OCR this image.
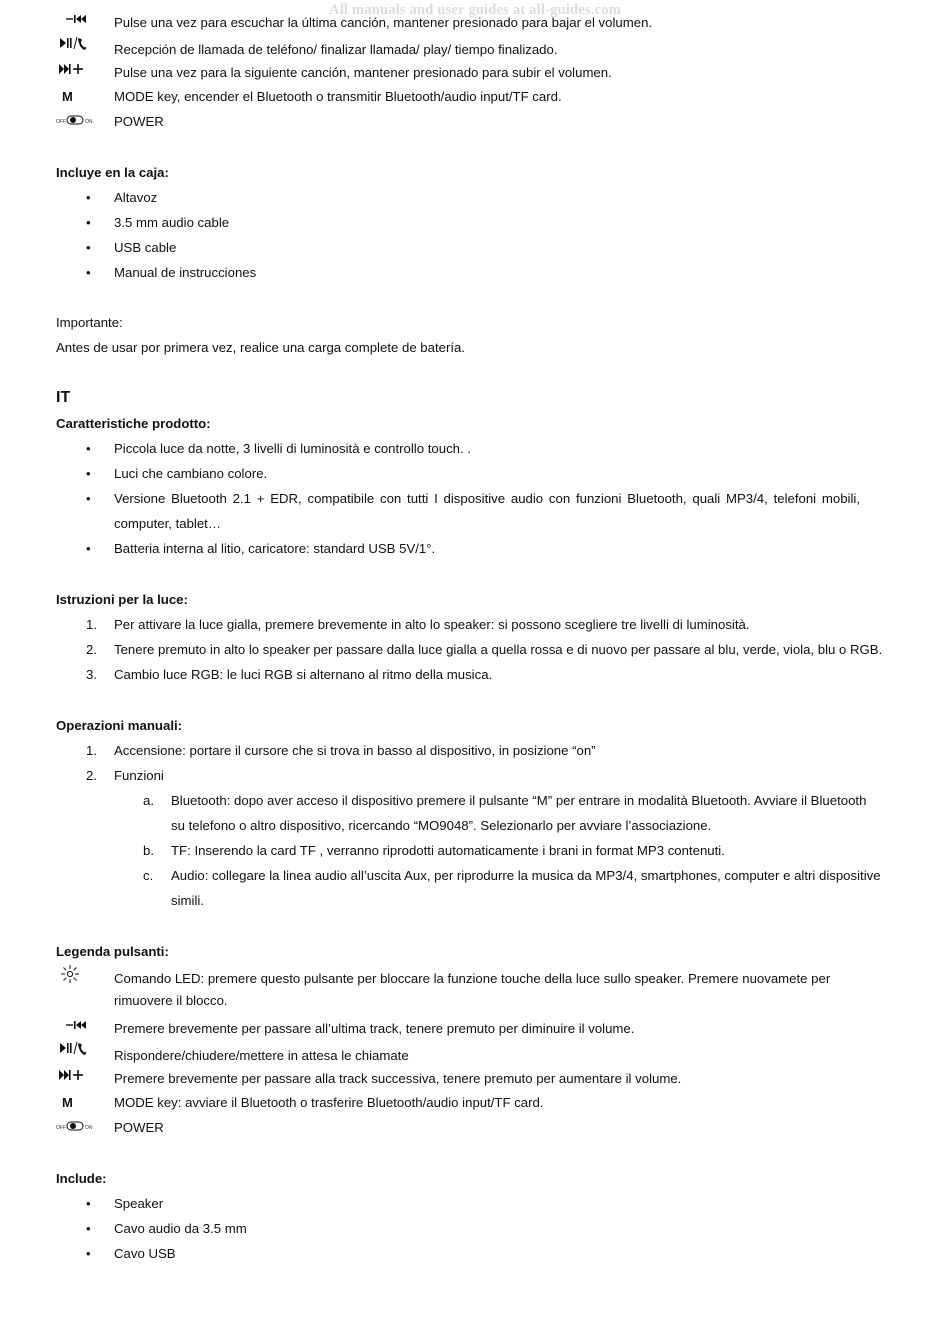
All manuals and user guides at all-guides.com
Pulse una vez para escuchar la última canción, mantener presionado para bajar el volumen.
Recepción de llamada de teléfono/ finalizar llamada/ play/ tiempo finalizado.
Pulse una vez para la siguiente canción, mantener presionado para subir el volumen.
M	MODE key, encender el Bluetooth o transmitir Bluetooth/audio input/TF card.
OFF	ON POWER
Incluye en la caja:
• Altavoz
• 3.5 mm audio cable
• USB cable
• Manual de instrucciones
Importante:
Antes de usar por primera vez, realice una carga complete de batería.
IT
Caratteristiche prodotto:
• Piccola luce da notte, 3 livelli di luminosità e controllo touch. .
• Luci che cambiano colore.
• Versione Bluetooth 2.1 + EDR, compatibile con tutti I dispositive audio con funzioni Bluetooth, quali MP3/4, telefoni mobili,
computer, tablet…
• Batteria interna al litio, caricatore: standard USB 5V/1°.
Istruzioni per la luce:
1. Per attivare la luce gialla, premere brevemente in alto lo speaker: si possono scegliere tre livelli di luminosità.
2. Tenere premuto in alto lo speaker per passare dalla luce gialla a quella rossa e di nuovo per passare al blu, verde, viola, blu o RGB.
3. Cambio luce RGB: le luci RGB si alternano al ritmo della musica.
Operazioni manuali:
1. Accensione: portare il cursore che si trova in basso al dispositivo, in posizione “on”
2. Funzioni
a. Bluetooth: dopo aver acceso il dispositivo premere il pulsante “M” per entrare in modalità Bluetooth. Avviare il Bluetooth
su telefono o altro dispositivo, ricercando “MO9048”. Selezionarlo per avviare l’associazione.
b. TF: Inserendo la card TF , verranno riprodotti automaticamente i brani in format MP3 contenuti.
c. Audio: collegare la linea audio all’uscita Aux, per riprodurre la musica da MP3/4, smartphones, computer e altri dispositive
simili.
Legenda pulsanti:
Comando LED: premere questo pulsante per bloccare la funzione touche della luce sullo speaker. Premere nuovamete per
rimuovere il blocco.
Premere brevemente per passare all’ultima track, tenere premuto per diminuire il volume.
Rispondere/chiudere/mettere in attesa le chiamate
Premere brevemente per passare alla track successiva, tenere premuto per aumentare il volume.
M	MODE key: avviare il Bluetooth o trasferire Bluetooth/audio input/TF card.
OFF	ON POWER
Include:
• Speaker
• Cavo audio da 3.5 mm
• Cavo USB
